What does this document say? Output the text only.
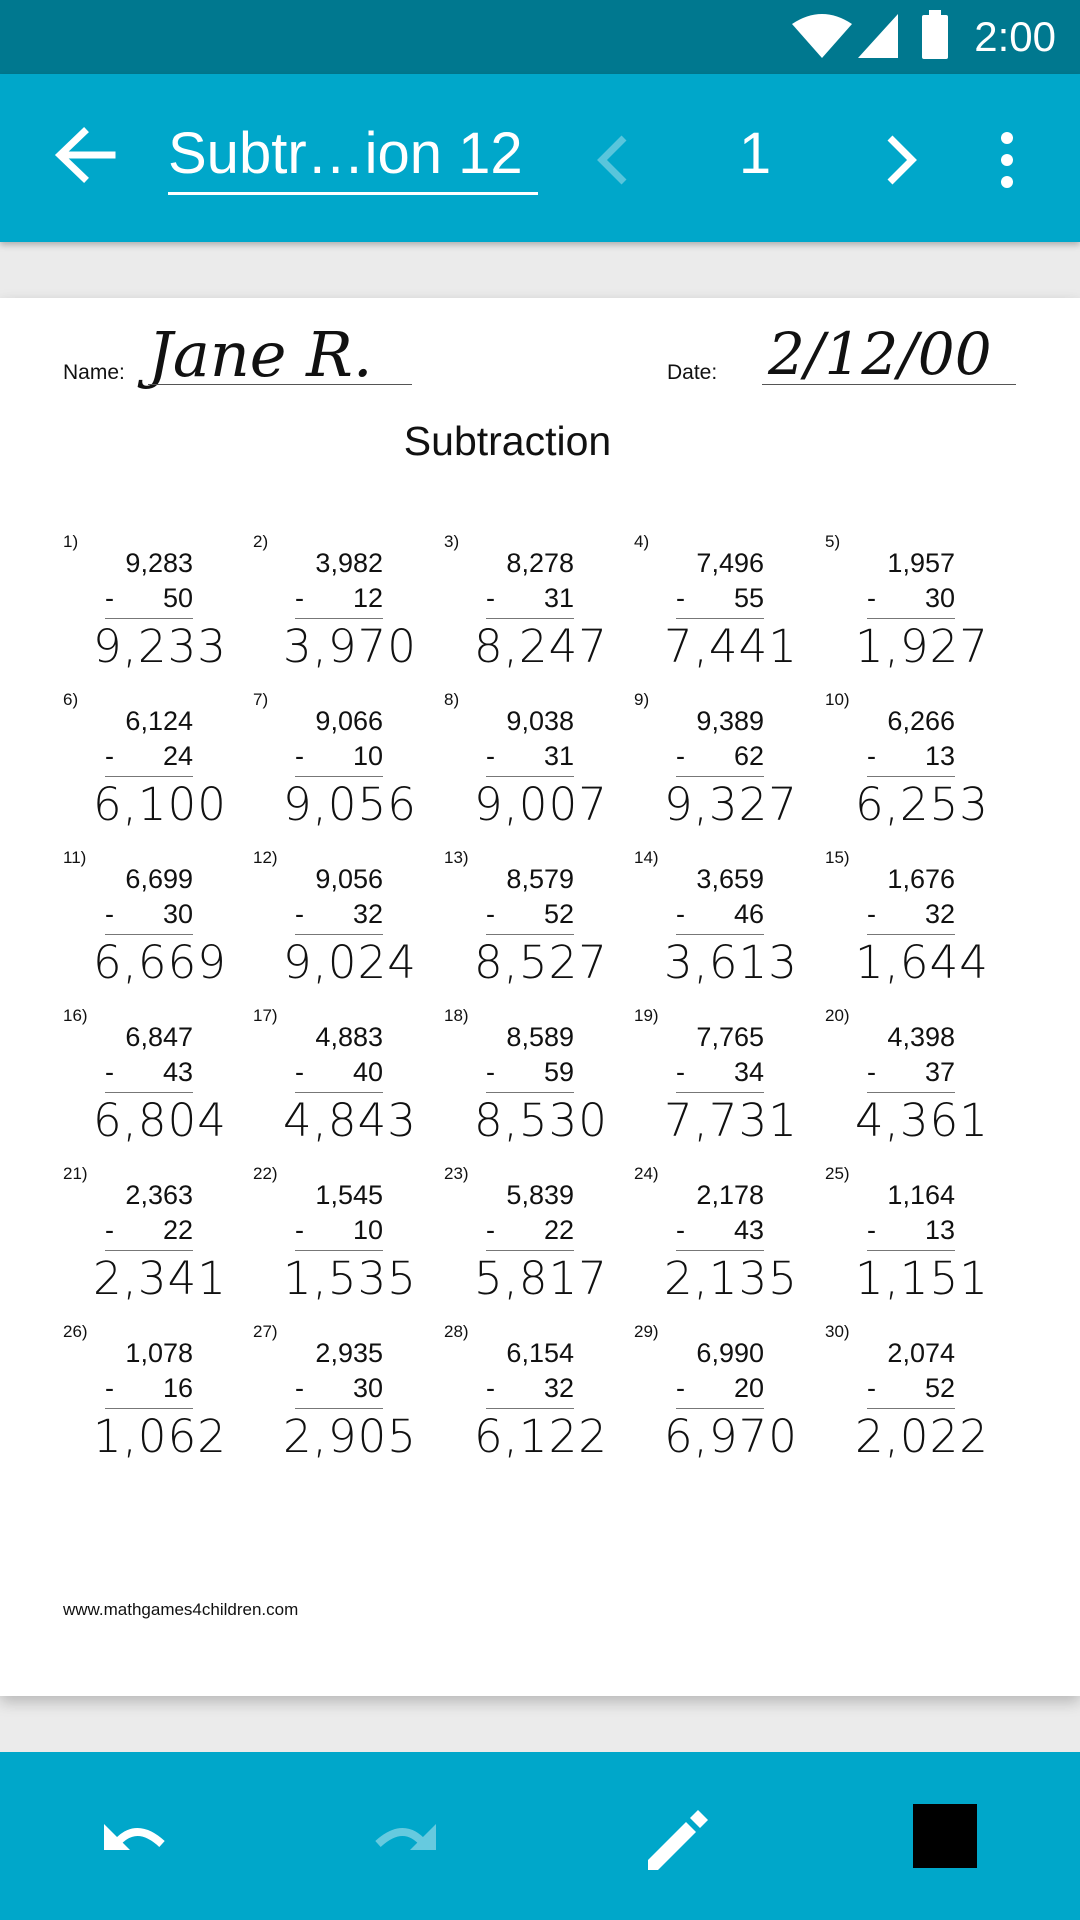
2:00
Subtr…ion 12	1
Name: Jane R.	Date: 2/12/00
Subtraction
1)
9,283
- 50
9,233
2)
3,982
- 12
3,970
3)
8,278
- 31
8,247
4)
7,496
- 55
7,441
5)
1,957
- 30
1,927
6)
6,124
- 24
6,100
7)
9,066
- 10
9,056
8)
9,038
- 31
9,007
9)
9,389
- 62
9,327
10)
6,266
- 13
6,253
11)
6,699
- 30
6,669
12)
9,056
- 32
9,024
13)
8,579
- 52
8,527
14)
3,659
- 46
3,613
15)
1,676
- 32
1,644
16)
6,847
- 43
6,804
17)
4,883
- 40
4,843
18)
8,589
- 59
8,530
19)
7,765
- 34
7,731
20)
4,398
- 37
4,361
21)
2,363
- 22
2,341
22)
1,545
- 10
1,535
23)
5,839
- 22
5,817
24)
2,178
- 43
2,135
25)
1,164
- 13
1,151
26)
1,078
- 16
1,062
27)
2,935
- 30
2,905
28)
6,154
- 32
6,122
29)
6,990
- 20
6,970
30)
2,074
- 52
2,022
www.mathgames4children.com
